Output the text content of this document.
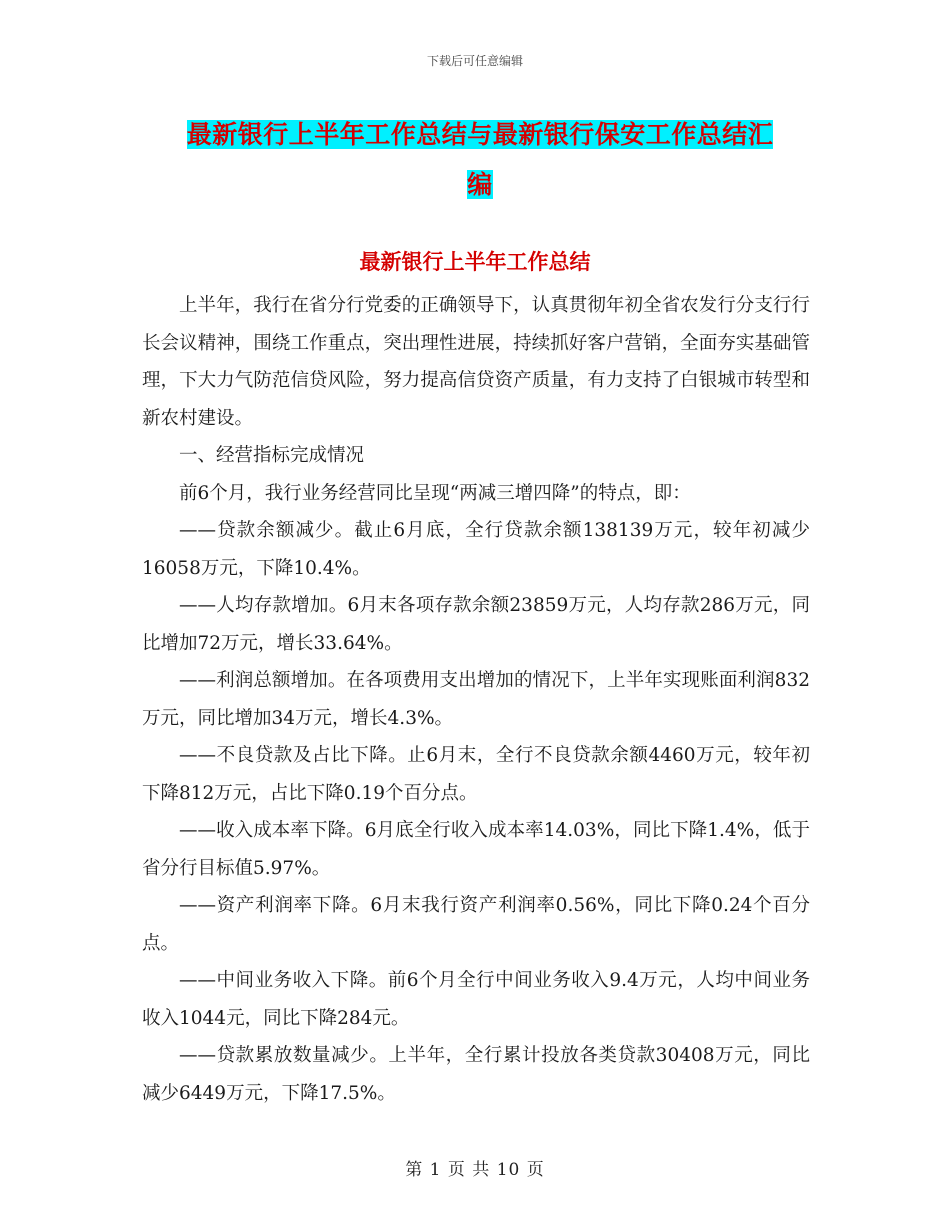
下载后可任意编辑
最新银行上半年工作总结与最新银行保安工作总结汇
编
最新银行上半年工作总结

上半年，我行在省分行党委的正确领导下，认真贯彻年初全省农发行分支行行长会议精神，围绕工作重点，突出理性进展，持续抓好客户营销，全面夯实基础管理，下大力气防范信贷风险，努力提高信贷资产质量，有力支持了白银城市转型和新农村建设。

一、经营指标完成情况

前6个月，我行业务经营同比呈现“两减三增四降”的特点，即：

——贷款余额减少。截止6月底，全行贷款余额138139万元，较年初减少16058万元，下降10.4%。

——人均存款增加。6月末各项存款余额23859万元，人均存款286万元，同比增加72万元，增长33.64%。

——利润总额增加。在各项费用支出增加的情况下，上半年实现账面利润832万元，同比增加34万元，增长4.3%。

——不良贷款及占比下降。止6月末，全行不良贷款余额4460万元，较年初下降812万元，占比下降0.19个百分点。

——收入成本率下降。6月底全行收入成本率14.03%，同比下降1.4%，低于省分行目标值5.97%。

——资产利润率下降。6月末我行资产利润率0.56%，同比下降0.24个百分点。

——中间业务收入下降。前6个月全行中间业务收入9.4万元，人均中间业务收入1044元，同比下降284元。

——贷款累放数量减少。上半年，全行累计投放各类贷款30408万元，同比减少6449万元，下降17.5%。

第 1 页 共 10 页
